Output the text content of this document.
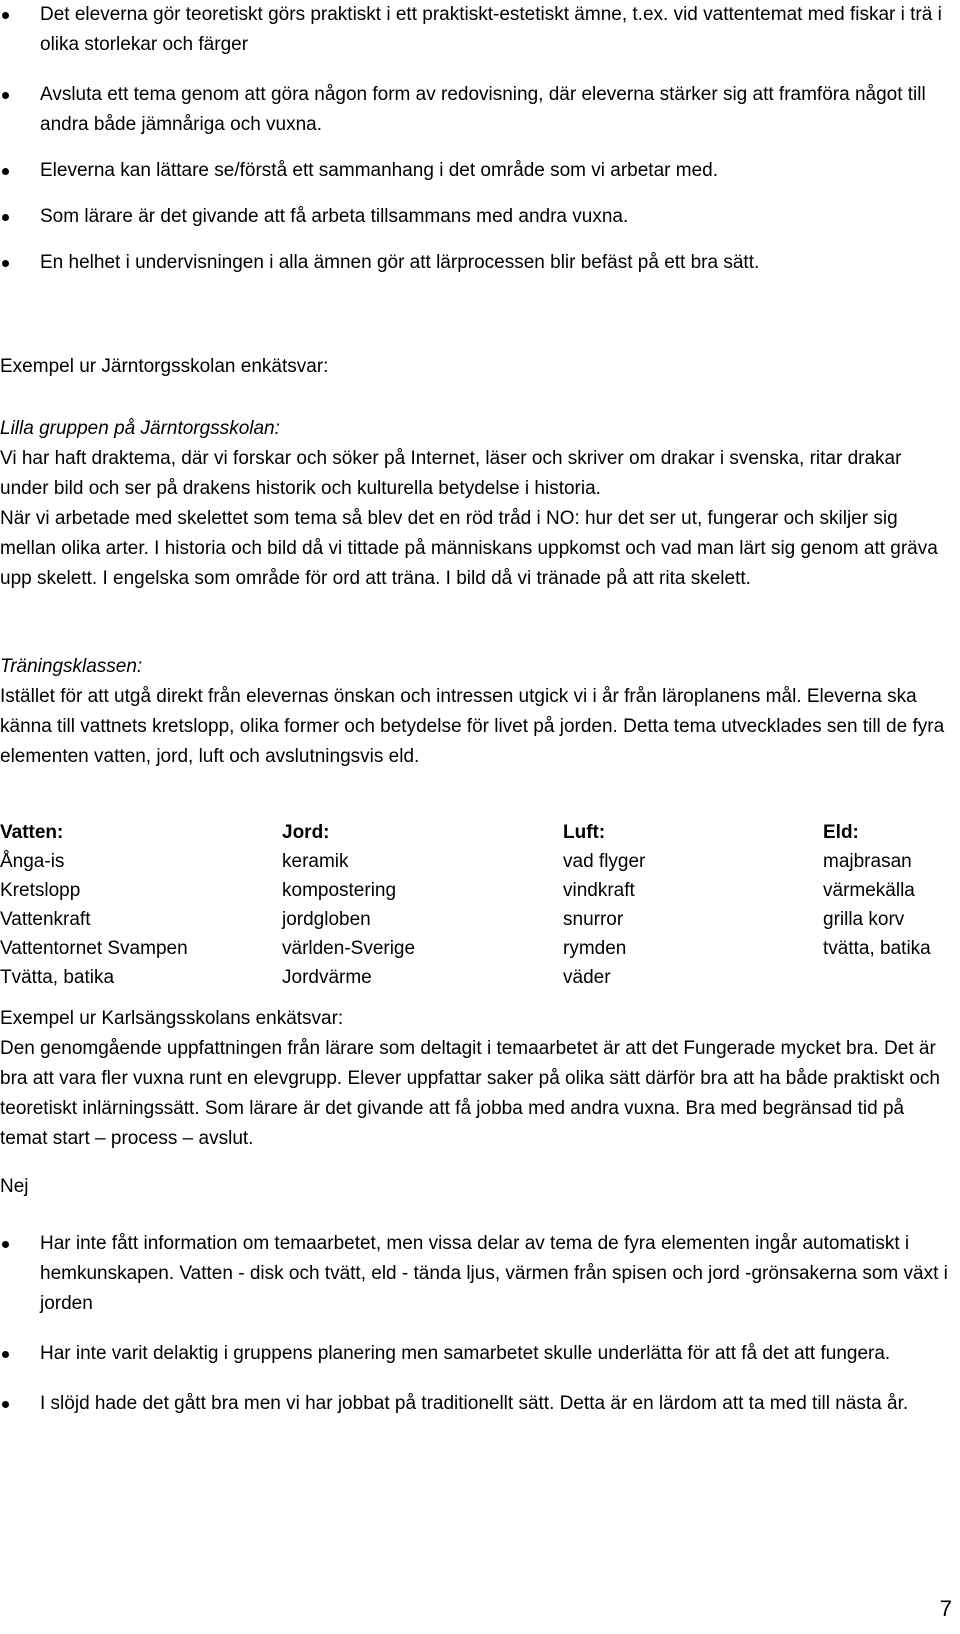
Det eleverna gör teoretiskt görs praktiskt i ett praktiskt-estetiskt ämne, t.ex. vid vattentemat med fiskar i trä i olika storlekar och färger
Avsluta ett tema genom att göra någon form av redovisning, där eleverna stärker sig att framföra något till andra både jämnåriga och vuxna.
Eleverna kan lättare se/förstå ett sammanhang i det område som vi arbetar med.
Som lärare är det givande att få arbeta tillsammans med andra vuxna.
En helhet i undervisningen i alla ämnen gör att lärprocessen blir befäst på ett bra sätt.
Exempel ur Järntorgsskolan enkätsvar:

Lilla gruppen på Järntorgsskolan:

Vi har haft draktema, där vi forskar och söker på Internet, läser och skriver om drakar i svenska, ritar drakar under bild och ser på drakens historik och kulturella betydelse i historia.

När vi arbetade med skelettet som tema så blev det en röd tråd i NO: hur det ser ut, fungerar och skiljer sig mellan olika arter. I historia och bild då vi tittade på människans uppkomst och vad man lärt sig genom att gräva upp skelett. I engelska som område för ord att träna. I bild då vi tränade på att rita skelett.

Träningsklassen:

Istället för att utgå direkt från elevernas önskan och intressen utgick vi i år från läroplanens mål. Eleverna ska känna till vattnets kretslopp, olika former och betydelse för livet på jorden. Detta tema utvecklades sen till de fyra elementen vatten, jord, luft och avslutningsvis eld.

Vatten:
Ånga-is
Kretslopp
Vattenkraft
Vattentornet Svampen
Tvätta, batika
Jord:
keramik
kompostering
jordgloben
världen-Sverige
Jordvärme
Luft:
vad flyger
vindkraft
snurror
rymden
väder
Eld:
majbrasan
värmekälla
grilla korv
tvätta, batika

Exempel ur Karlsängsskolans enkätsvar:

Den genomgående uppfattningen från lärare som deltagit i temaarbetet är att det Fungerade mycket bra. Det är bra att vara fler vuxna runt en elevgrupp. Elever uppfattar saker på olika sätt därför bra att ha både praktiskt och teoretiskt inlärningssätt. Som lärare är det givande att få jobba med andra vuxna. Bra med begränsad tid på temat start – process – avslut.

Nej
Har inte fått information om temaarbetet, men vissa delar av tema de fyra elementen ingår automatiskt i hemkunskapen. Vatten - disk och tvätt, eld - tända ljus, värmen från spisen och jord -grönsakerna som växt i jorden
Har inte varit delaktig i gruppens planering men samarbetet skulle underlätta för att få det att fungera.
I slöjd hade det gått bra men vi har jobbat på traditionellt sätt. Detta är en lärdom att ta med till nästa år.
7
